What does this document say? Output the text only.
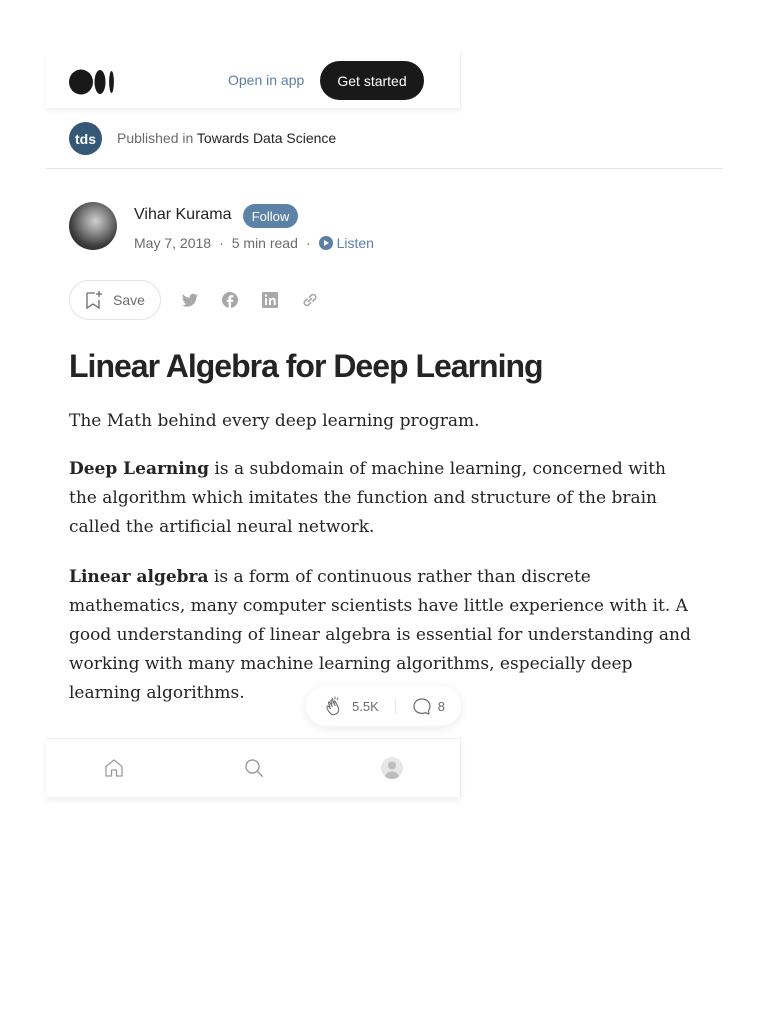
Open in app	Get started
tds	Published in Towards Data Science
Vihar Kurama	Follow
May 7, 2018 · 5 min read · Listen
Save
Linear Algebra for Deep Learning

The Math behind every deep learning program.

Deep Learning is a subdomain of machine learning, concerned with the algorithm which imitates the function and structure of the brain called the artificial neural network.

Linear algebra is a form of continuous rather than discrete mathematics, many computer scientists have little experience with it. A good understanding of linear algebra is essential for understanding and working with many machine learning algorithms, especially deep learning algorithms.

5.5K	8
